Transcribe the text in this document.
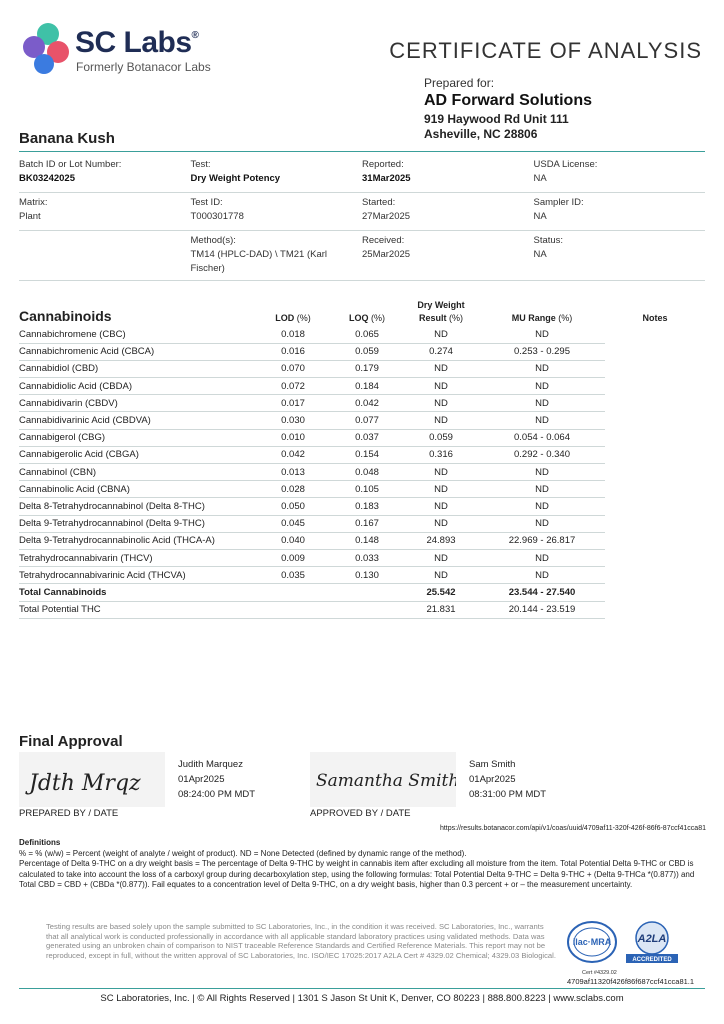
SC Labs®
Formerly Botanacor Labs
CERTIFICATE OF ANALYSIS
Prepared for:
AD Forward Solutions
919 Haywood Rd Unit 111
Asheville, NC 28806
Banana Kush
Batch ID or Lot Number:
BK03242025
Test:
Dry Weight Potency
Reported:
31Mar2025
USDA License:
NA
Matrix:
Plant
Test ID:
T000301778
Started:
27Mar2025
Sampler ID:
NA
Method(s):
TM14 (HPLC-DAD) \ TM21 (Karl Fischer)
Received:
25Mar2025
Status:
NA
Cannabinoids	LOD (%)	LOQ (%)	Dry Weight
Result (%)	MU Range (%)	Notes
Cannabichromene (CBC)	0.018	0.065	ND	ND	
Cannabichromenic Acid (CBCA)	0.016	0.059	0.274	0.253 - 0.295	
Cannabidiol (CBD)	0.070	0.179	ND	ND	
Cannabidiolic Acid (CBDA)	0.072	0.184	ND	ND	
Cannabidivarin (CBDV)	0.017	0.042	ND	ND	
Cannabidivarinic Acid (CBDVA)	0.030	0.077	ND	ND	
Cannabigerol (CBG)	0.010	0.037	0.059	0.054 - 0.064	
Cannabigerolic Acid (CBGA)	0.042	0.154	0.316	0.292 - 0.340	
Cannabinol (CBN)	0.013	0.048	ND	ND	
Cannabinolic Acid (CBNA)	0.028	0.105	ND	ND	
Delta 8-Tetrahydrocannabinol (Delta 8-THC)	0.050	0.183	ND	ND	
Delta 9-Tetrahydrocannabinol (Delta 9-THC)	0.045	0.167	ND	ND	
Delta 9-Tetrahydrocannabinolic Acid (THCA-A)	0.040	0.148	24.893	22.969 - 26.817	
Tetrahydrocannabivarin (THCV)	0.009	0.033	ND	ND	
Tetrahydrocannabivarinic Acid (THCVA)	0.035	0.130	ND	ND	
Total Cannabinoids			25.542	23.544 - 27.540	
Total Potential THC			21.831	20.144 - 23.519	
Final Approval
Jdth Mrqz
Judith Marquez
01Apr2025
08:24:00 PM MDT
PREPARED BY / DATE
Samantha Smith
Sam Smith
01Apr2025
08:31:00 PM MDT
APPROVED BY / DATE
https://results.botanacor.com/api/v1/coas/uuid/4709af11-320f-426f-86f6-87ccf41cca81
Definitions
% = % (w/w) = Percent (weight of analyte / weight of product). ND = None Detected (defined by dynamic range of the method).
Percentage of Delta 9-THC on a dry weight basis = The percentage of Delta 9-THC by weight in cannabis item after excluding all moisture from the item. Total Potential Delta 9-THC or CBD is calculated to take into account the loss of a carboxyl group during decarboxylation step, using the following formulas: Total Potential Delta 9-THC = Delta 9-THC + (Delta 9-THCa *(0.877)) and Total CBD = CBD + (CBDa *(0.877)). Fail equates to a concentration level of Delta 9-THC, on a dry weight basis, higher than 0.3 percent + or – the measurement uncertainty.
Testing results are based solely upon the sample submitted to SC Laboratories, Inc., in the condition it was received. SC Laboratories, Inc., warrants that all analytical work is conducted professionally in accordance with all applicable standard laboratory practices using validated methods. Data was generated using an unbroken chain of comparison to NIST traceable Reference Standards and Certified Reference Materials. This report may not be reproduced, except in full, without the written approval of SC Laboratories, Inc. ISO/IEC 17025:2017 A2LA Cert # 4329.02 Chemical; 4329.03 Biological.
ilac·MRA A2LA
ACCREDITED
Cert #4329.02
4709af11320f426f86f687ccf41cca81.1
SC Laboratories, Inc. | © All Rights Reserved | 1301 S Jason St Unit K, Denver, CO 80223 | 888.800.8223 | www.sclabs.com
